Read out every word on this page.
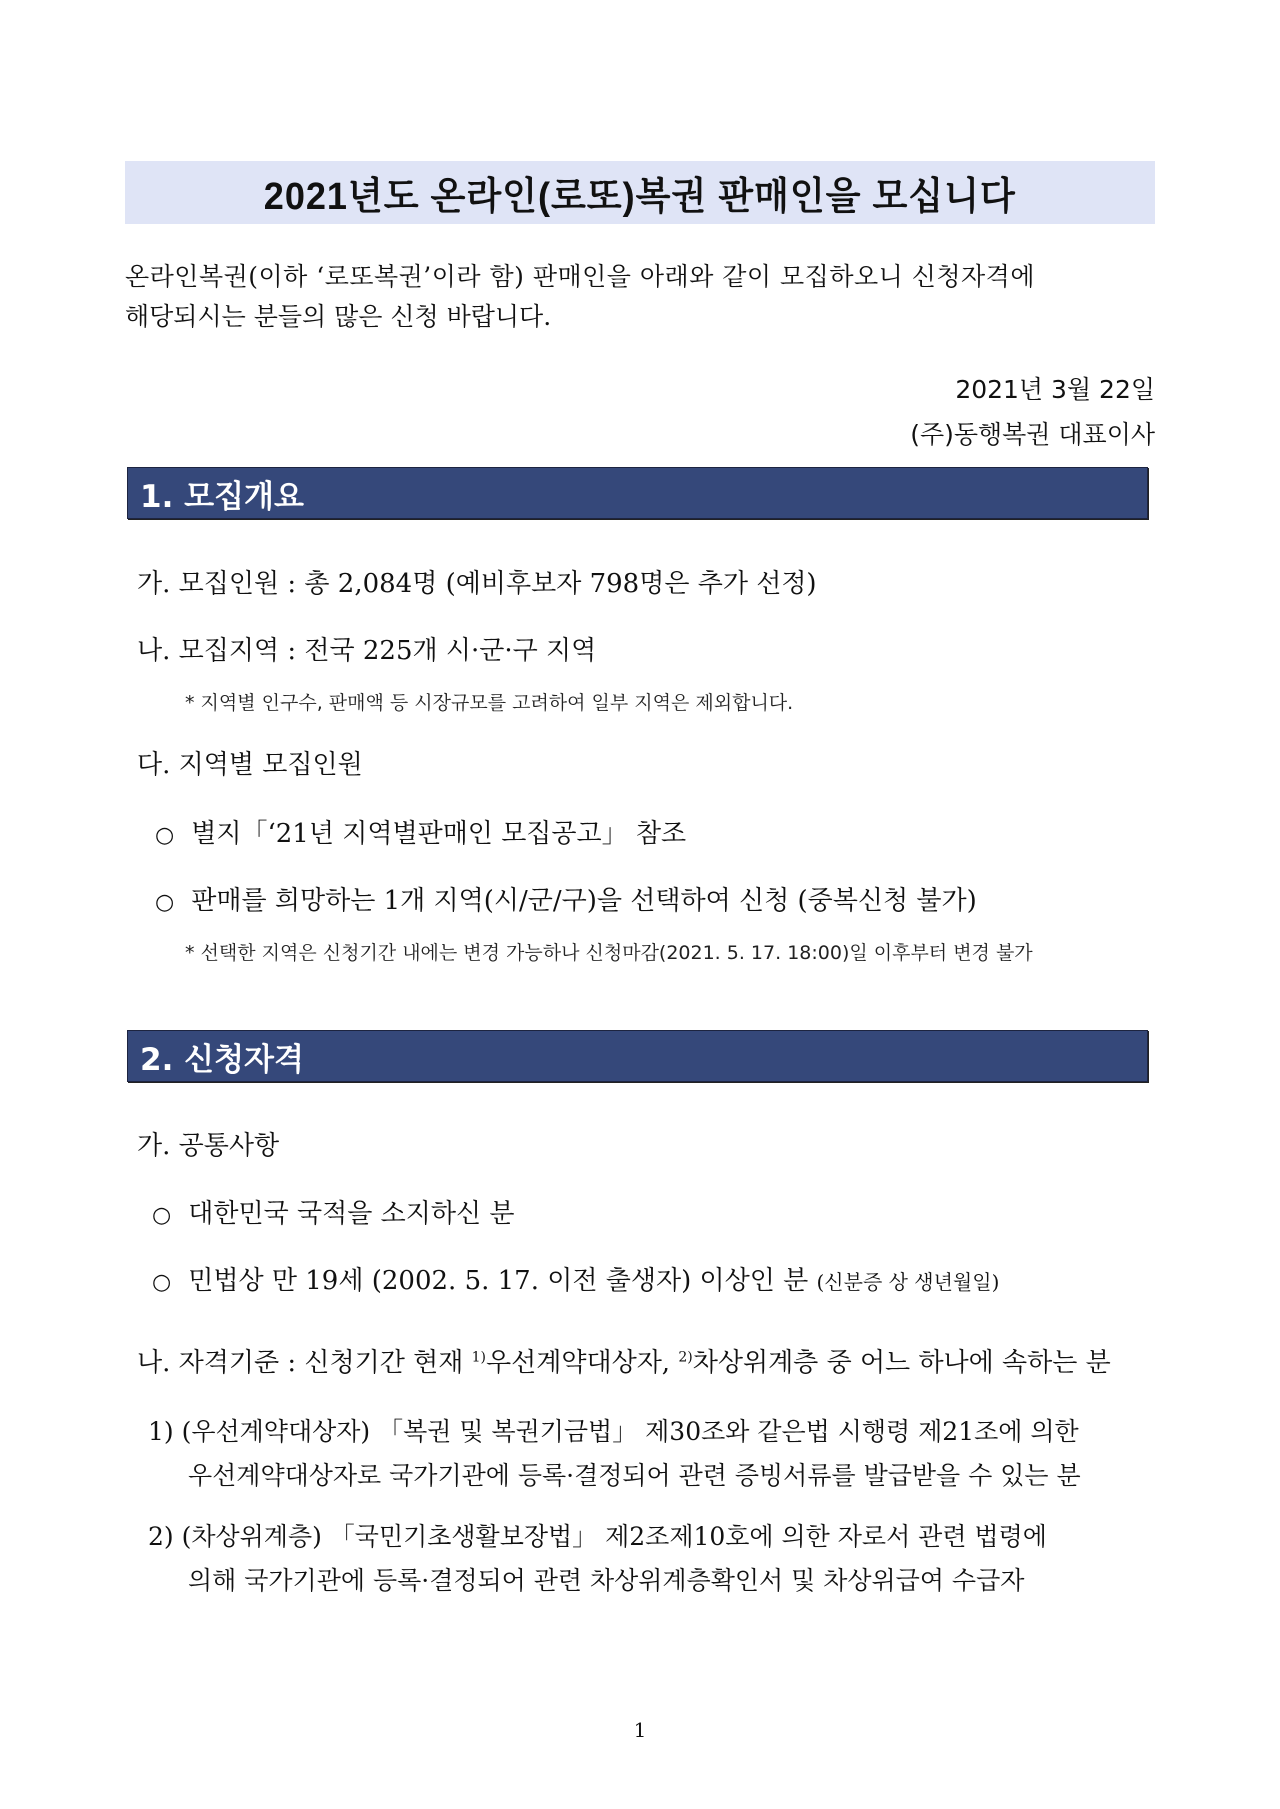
2021년도 온라인(로또)복권 판매인을 모십니다
온라인복권(이하 ‘로또복권’이라 함) 판매인을 아래와 같이 모집하오니 신청자격에
해당되시는 분들의 많은 신청 바랍니다.
2021년 3월 22일
(주)동행복권 대표이사
1. 모집개요
가. 모집인원 : 총 2,084명 (예비후보자 798명은 추가 선정)
나. 모집지역 : 전국 225개 시·군·구 지역
* 지역별 인구수, 판매액 등 시장규모를 고려하여 일부 지역은 제외합니다.
다. 지역별 모집인원
○ 별지「‘21년 지역별판매인 모집공고」 참조
○ 판매를 희망하는 1개 지역(시/군/구)을 선택하여 신청 (중복신청 불가)
* 선택한 지역은 신청기간 내에는 변경 가능하나 신청마감(2021. 5. 17. 18:00)일 이후부터 변경 불가
2. 신청자격
가. 공통사항
○ 대한민국 국적을 소지하신 분
○ 민법상 만 19세 (2002. 5. 17. 이전 출생자) 이상인 분 (신분증 상 생년월일)
나. 자격기준 : 신청기간 현재 $^{1)}$우선계약대상자, $^{2)}$차상위계층 중 어느 하나에 속하는 분
1) (우선계약대상자) 「복권 및 복권기금법」 제30조와 같은법 시행령 제21조에 의한
우선계약대상자로 국가기관에 등록·결정되어 관련 증빙서류를 발급받을 수 있는 분
2) (차상위계층) 「국민기초생활보장법」 제2조제10호에 의한 자로서 관련 법령에
의해 국가기관에 등록·결정되어 관련 차상위계층확인서 및 차상위급여 수급자
1
